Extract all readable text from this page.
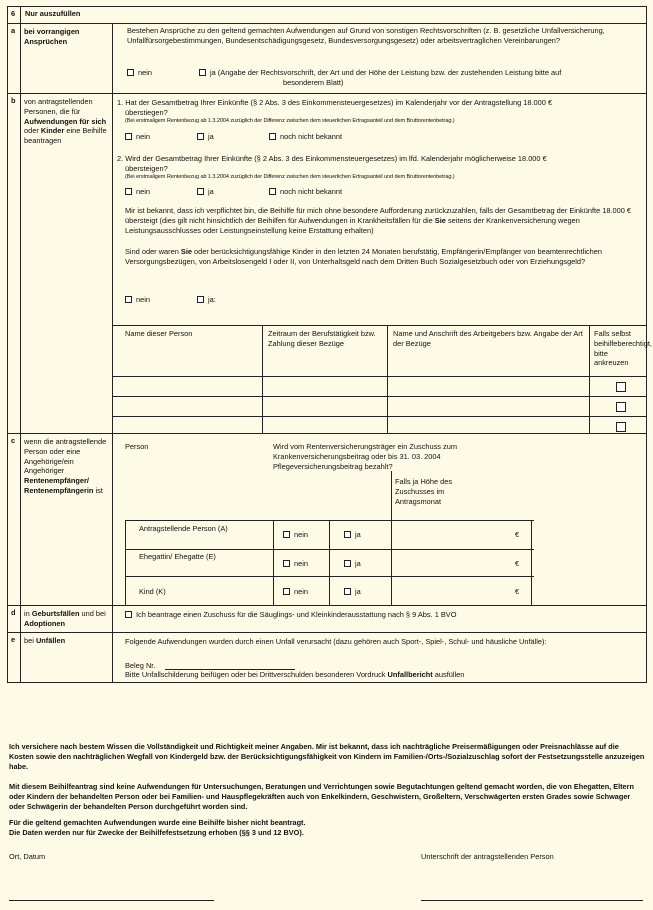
6	Nur auszufüllen
a	bei vorrangigen Ansprüchen
Bestehen Ansprüche zu den geltend gemachten Aufwendungen auf Grund von sonstigen Rechtsvorschriften (z. B. gesetzliche Unfallversicherung, Unfallfürsorgebestimmungen, Bundesentschädigungsgesetz, Bundesversorgungsgesetz) oder arbeitsvertraglichen Vereinbarungen?
nein	ja (Angabe der Rechtsvorschrift, der Art und der Höhe der Leistung bzw. der zustehenden Leistung bitte auf
besonderem Blatt)
b	von antragstellenden Personen, die für Aufwendungen für sich oder Kinder eine Beihilfe beantragen
1. Hat der Gesamtbetrag Ihrer Einkünfte (§ 2 Abs. 3 des Einkommensteuergesetzes) im Kalenderjahr vor der Antragstellung 18.000 €
überstiegen?
(Bei erstmaligem Rentenbezug ab 1.3.2004 zuzüglich der Differenz zwischen dem steuerlichen Ertragsanteil und dem Bruttorentenbetrag.)
nein	ja	noch nicht bekannt
2. Wird der Gesamtbetrag Ihrer Einkünfte (§ 2 Abs. 3 des Einkommensteuergesetzes) im lfd. Kalenderjahr möglicherweise 18.000 €
übersteigen?
(Bei erstmaligem Rentenbezug ab 1.3.2004 zuzüglich der Differenz zwischen dem steuerlichen Ertragsanteil und dem Bruttorentenbetrag.)
nein	ja	noch nicht bekannt
Mir ist bekannt, dass ich verpflichtet bin, die Beihilfe für mich ohne besondere Aufforderung zurückzuzahlen, falls der Gesamtbetrag der Einkünfte 18.000 € übersteigt (dies gilt nicht hinsichtlich der Beihilfen für Aufwendungen in Krankheitsfällen für die Sie seitens der Krankenversicherung wegen Leistungsausschlusses oder Leistungseinstellung keine Erstattung erhalten)
Sind oder waren Sie oder berücksichtigungsfähige Kinder in den letzten 24 Monaten berufstätig, Empfängerin/Empfänger von beamtenrechtlichen Versorgungsbezügen, von Arbeitslosengeld I oder II, von Unterhaltsgeld nach dem Dritten Buch Sozialgesetzbuch oder von Erziehungsgeld?
nein	ja:
Name dieser Person	Zeitraum der Berufstätigkeit bzw. Zahlung dieser Bezüge
Name und Anschrift des Arbeitgebers bzw. Angabe der Art der Bezüge
Falls selbst beihilfeberechtigt, bitte ankreuzen
c	wenn die antragstellende Person oder eine Angehörige/ein Angehöriger Rentenempfänger/ Rentenempfängerin ist
Person	Wird vom Rentenversicherungsträger ein Zuschuss zum Krankenversicherungsbeitrag oder bis 31. 03. 2004 Pflegeversicherungsbeitrag bezahlt?
Falls ja Höhe des Zuschusses im Antragsmonat
Antragstellende Person (A)
nein	ja	€
Ehegattin/ Ehegatte (E)
nein	ja	€
Kind (K)	nein	ja	€
d	in Geburtsfällen und bei Adoptionen
Ich beantrage einen Zuschuss für die Säuglings- und Kleinkinderausstattung nach § 9 Abs. 1 BVO
e	bei Unfällen	Folgende Aufwendungen wurden durch einen Unfall verursacht (dazu gehören auch Sport-, Spiel-, Schul- und häusliche Unfälle):
Beleg Nr.
Bitte Unfallschilderung beifügen oder bei Drittverschulden besonderen Vordruck Unfallbericht ausfüllen
Ich versichere nach bestem Wissen die Vollständigkeit und Richtigkeit meiner Angaben. Mir ist bekannt, dass ich nachträgliche Preisermäßigungen oder Preisnachlässe auf die Kosten sowie den nachträglichen Wegfall von Kindergeld bzw. der Berücksichtigungsfähigkeit von Kindern im Familien-/Orts-/Sozialzuschlag sofort der Festsetzungsstelle anzuzeigen habe.
Mit diesem Beihilfeantrag sind keine Aufwendungen für Untersuchungen, Beratungen und Verrichtungen sowie Begutachtungen geltend gemacht worden, die von Ehegatten, Eltern oder Kindern der behandelten Person oder bei Familien- und Hauspflegekräften auch von Enkelkindern, Geschwistern, Großeltern, Verschwägerten ersten Grades sowie Schwager oder Schwägerin der behandelten Person durchgeführt worden sind.
Für die geltend gemachten Aufwendungen wurde eine Beihilfe bisher nicht beantragt.
Die Daten werden nur für Zwecke der Beihilfefestsetzung erhoben (§§ 3 und 12 BVO).
Ort, Datum	Unterschrift der antragstellenden Person
